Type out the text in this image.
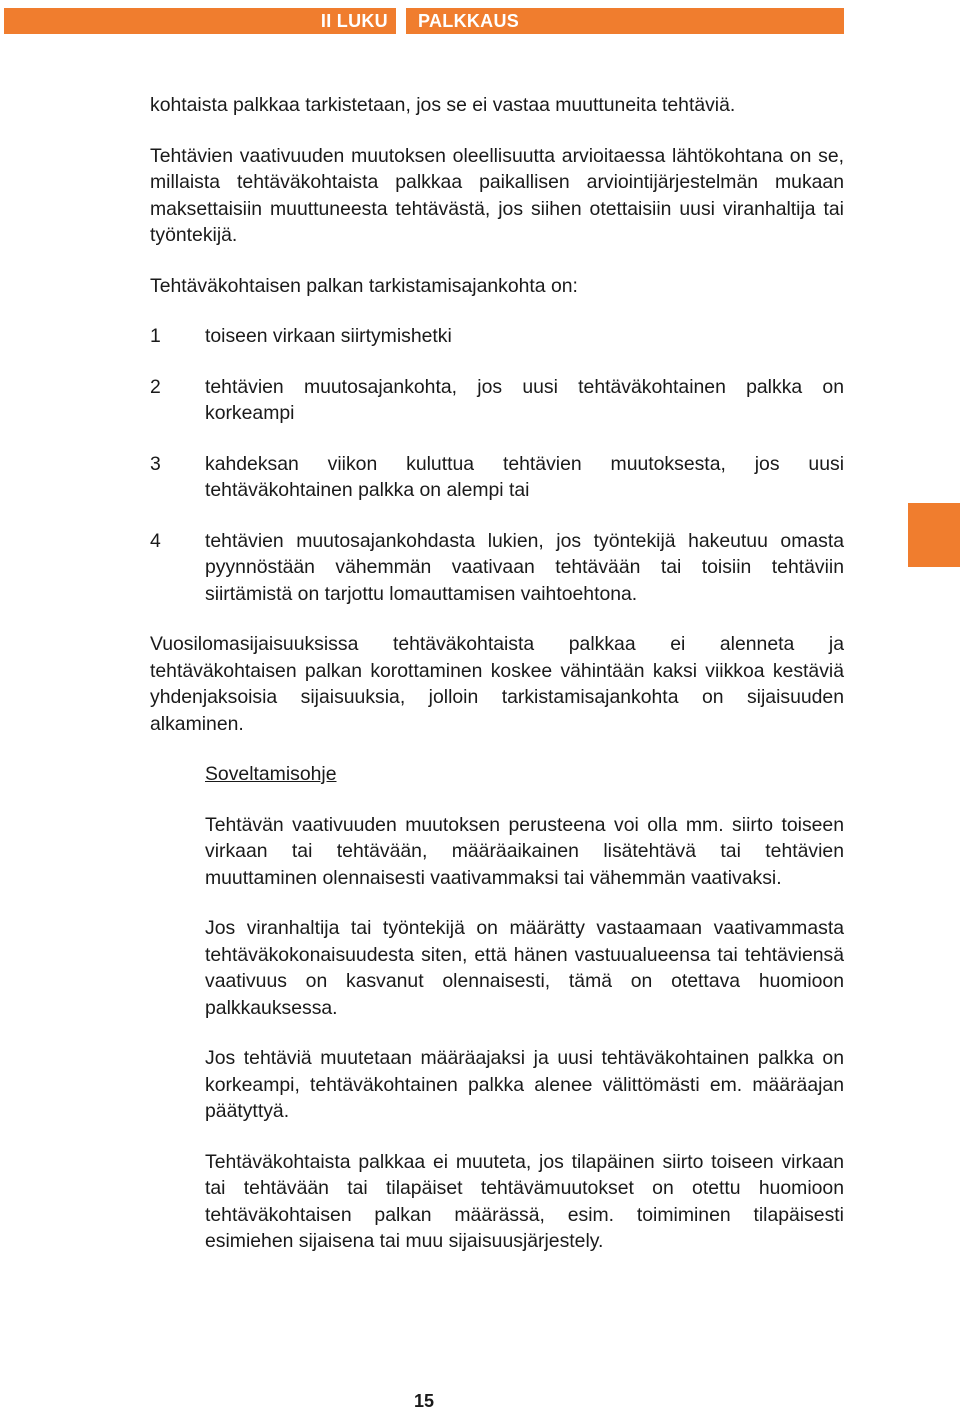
II LUKU	PALKKAUS

kohtaista palkkaa tarkistetaan, jos se ei vastaa muuttuneita tehtäviä.

Tehtävien vaativuuden muutoksen oleellisuutta arvioitaessa lähtökohtana on se, millaista tehtäväkohtaista palkkaa paikallisen arviointijärjestelmän mukaan maksettaisiin muuttuneesta tehtävästä, jos siihen otettaisiin uusi viranhaltija tai työntekijä.

Tehtäväkohtaisen palkan tarkistamisajankohta on:

1	toiseen virkaan siirtymishetki
2	tehtävien muutosajankohta, jos uusi tehtäväkohtainen palkka on korkeampi
3	kahdeksan viikon kuluttua tehtävien muutoksesta, jos uusi tehtäväkohtainen palkka on alempi tai
4	tehtävien muutosajankohdasta lukien, jos työntekijä hakeutuu omasta pyynnöstään vähemmän vaativaan tehtävään tai toisiin tehtäviin siirtämistä on tarjottu lomauttamisen vaihtoehtona.

Vuosilomasijaisuuksissa tehtäväkohtaista palkkaa ei alenneta ja tehtäväkohtaisen palkan korottaminen koskee vähintään kaksi viikkoa kestäviä yhdenjaksoisia sijaisuuksia, jolloin tarkistamisajankohta on sijaisuuden alkaminen.

Soveltamisohje

Tehtävän vaativuuden muutoksen perusteena voi olla mm. siirto toiseen virkaan tai tehtävään, määräaikainen lisätehtävä tai tehtävien muuttaminen olennaisesti vaativammaksi tai vähemmän vaativaksi.

Jos viranhaltija tai työntekijä on määrätty vastaamaan vaativammasta tehtäväkokonaisuudesta siten, että hänen vastuualueensa tai tehtäviensä vaativuus on kasvanut olennaisesti, tämä on otettava huomioon palkkauksessa.

Jos tehtäviä muutetaan määräajaksi ja uusi tehtäväkohtainen palkka on korkeampi, tehtäväkohtainen palkka alenee välittömästi em. määräajan päätyttyä.

Tehtäväkohtaista palkkaa ei muuteta, jos tilapäinen siirto toiseen virkaan tai tehtävään tai tilapäiset tehtävämuutokset on otettu huomioon tehtäväkohtaisen palkan määrässä, esim. toimiminen tilapäisesti esimiehen sijaisena tai muu sijaisuusjärjestely.

15
